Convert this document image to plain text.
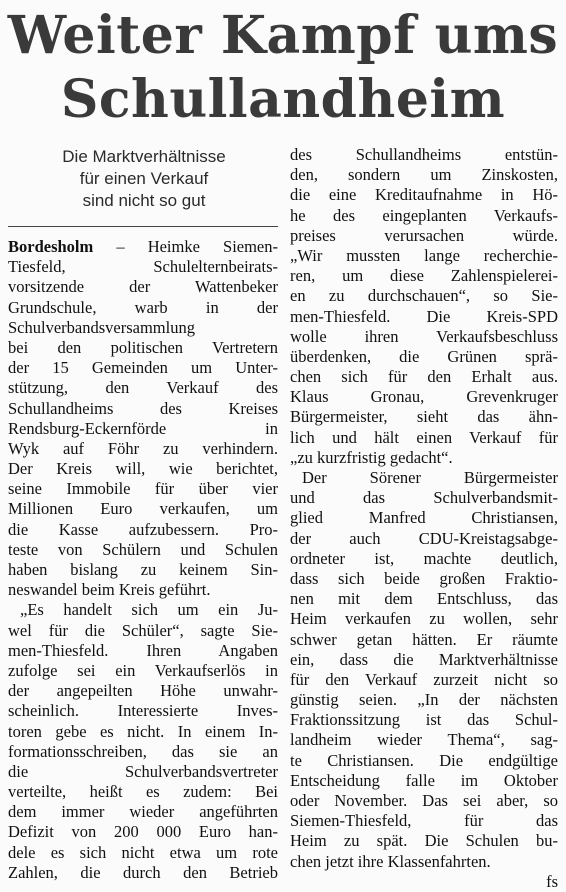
Weiter Kampf ums
Schullandheim
Die Marktverhältnisse
für einen Verkauf
sind nicht so gut
Bordesholm – Heimke Siemen-
Tiesfeld, Schulelternbeirats-
vorsitzende der Wattenbeker
Grundschule, warb in der
Schulverbandsversammlung
bei den politischen Vertretern
der 15 Gemeinden um Unter-
stützung, den Verkauf des
Schullandheims des Kreises
Rendsburg-Eckernförde in
Wyk auf Föhr zu verhindern.
Der Kreis will, wie berichtet,
seine Immobile für über vier
Millionen Euro verkaufen, um
die Kasse aufzubessern. Pro-
teste von Schülern und Schulen
haben bislang zu keinem Sin-
neswandel beim Kreis geführt.
„Es handelt sich um ein Ju-
wel für die Schüler“, sagte Sie-
men-Thiesfeld. Ihren Angaben
zufolge sei ein Verkaufserlös in
der angepeilten Höhe unwahr-
scheinlich. Interessierte Inves-
toren gebe es nicht. In einem In-
formationsschreiben, das sie an
die Schulverbandsvertreter
verteilte, heißt es zudem: Bei
dem immer wieder angeführten
Defizit von 200 000 Euro han-
dele es sich nicht etwa um rote
Zahlen, die durch den Betrieb
des Schullandheims entstün-
den, sondern um Zinskosten,
die eine Kreditaufnahme in Hö-
he des eingeplanten Verkaufs-
preises verursachen würde.
„Wir mussten lange recherchie-
ren, um diese Zahlenspielerei-
en zu durchschauen“, so Sie-
men-Thiesfeld. Die Kreis-SPD
wolle ihren Verkaufsbeschluss
überdenken, die Grünen sprä-
chen sich für den Erhalt aus.
Klaus Gronau, Grevenkruger
Bürgermeister, sieht das ähn-
lich und hält einen Verkauf für
„zu kurzfristig gedacht“.
Der Sörener Bürgermeister
und das Schulverbandsmit-
glied Manfred Christiansen,
der auch CDU-Kreistagsabge-
ordneter ist, machte deutlich,
dass sich beide großen Fraktio-
nen mit dem Entschluss, das
Heim verkaufen zu wollen, sehr
schwer getan hätten. Er räumte
ein, dass die Marktverhältnisse
für den Verkauf zurzeit nicht so
günstig seien. „In der nächsten
Fraktionssitzung ist das Schul-
landheim wieder Thema“, sag-
te Christiansen. Die endgültige
Entscheidung falle im Oktober
oder November. Das sei aber, so
Siemen-Thiesfeld, für das
Heim zu spät. Die Schulen bu-
chen jetzt ihre Klassenfahrten.
fs
